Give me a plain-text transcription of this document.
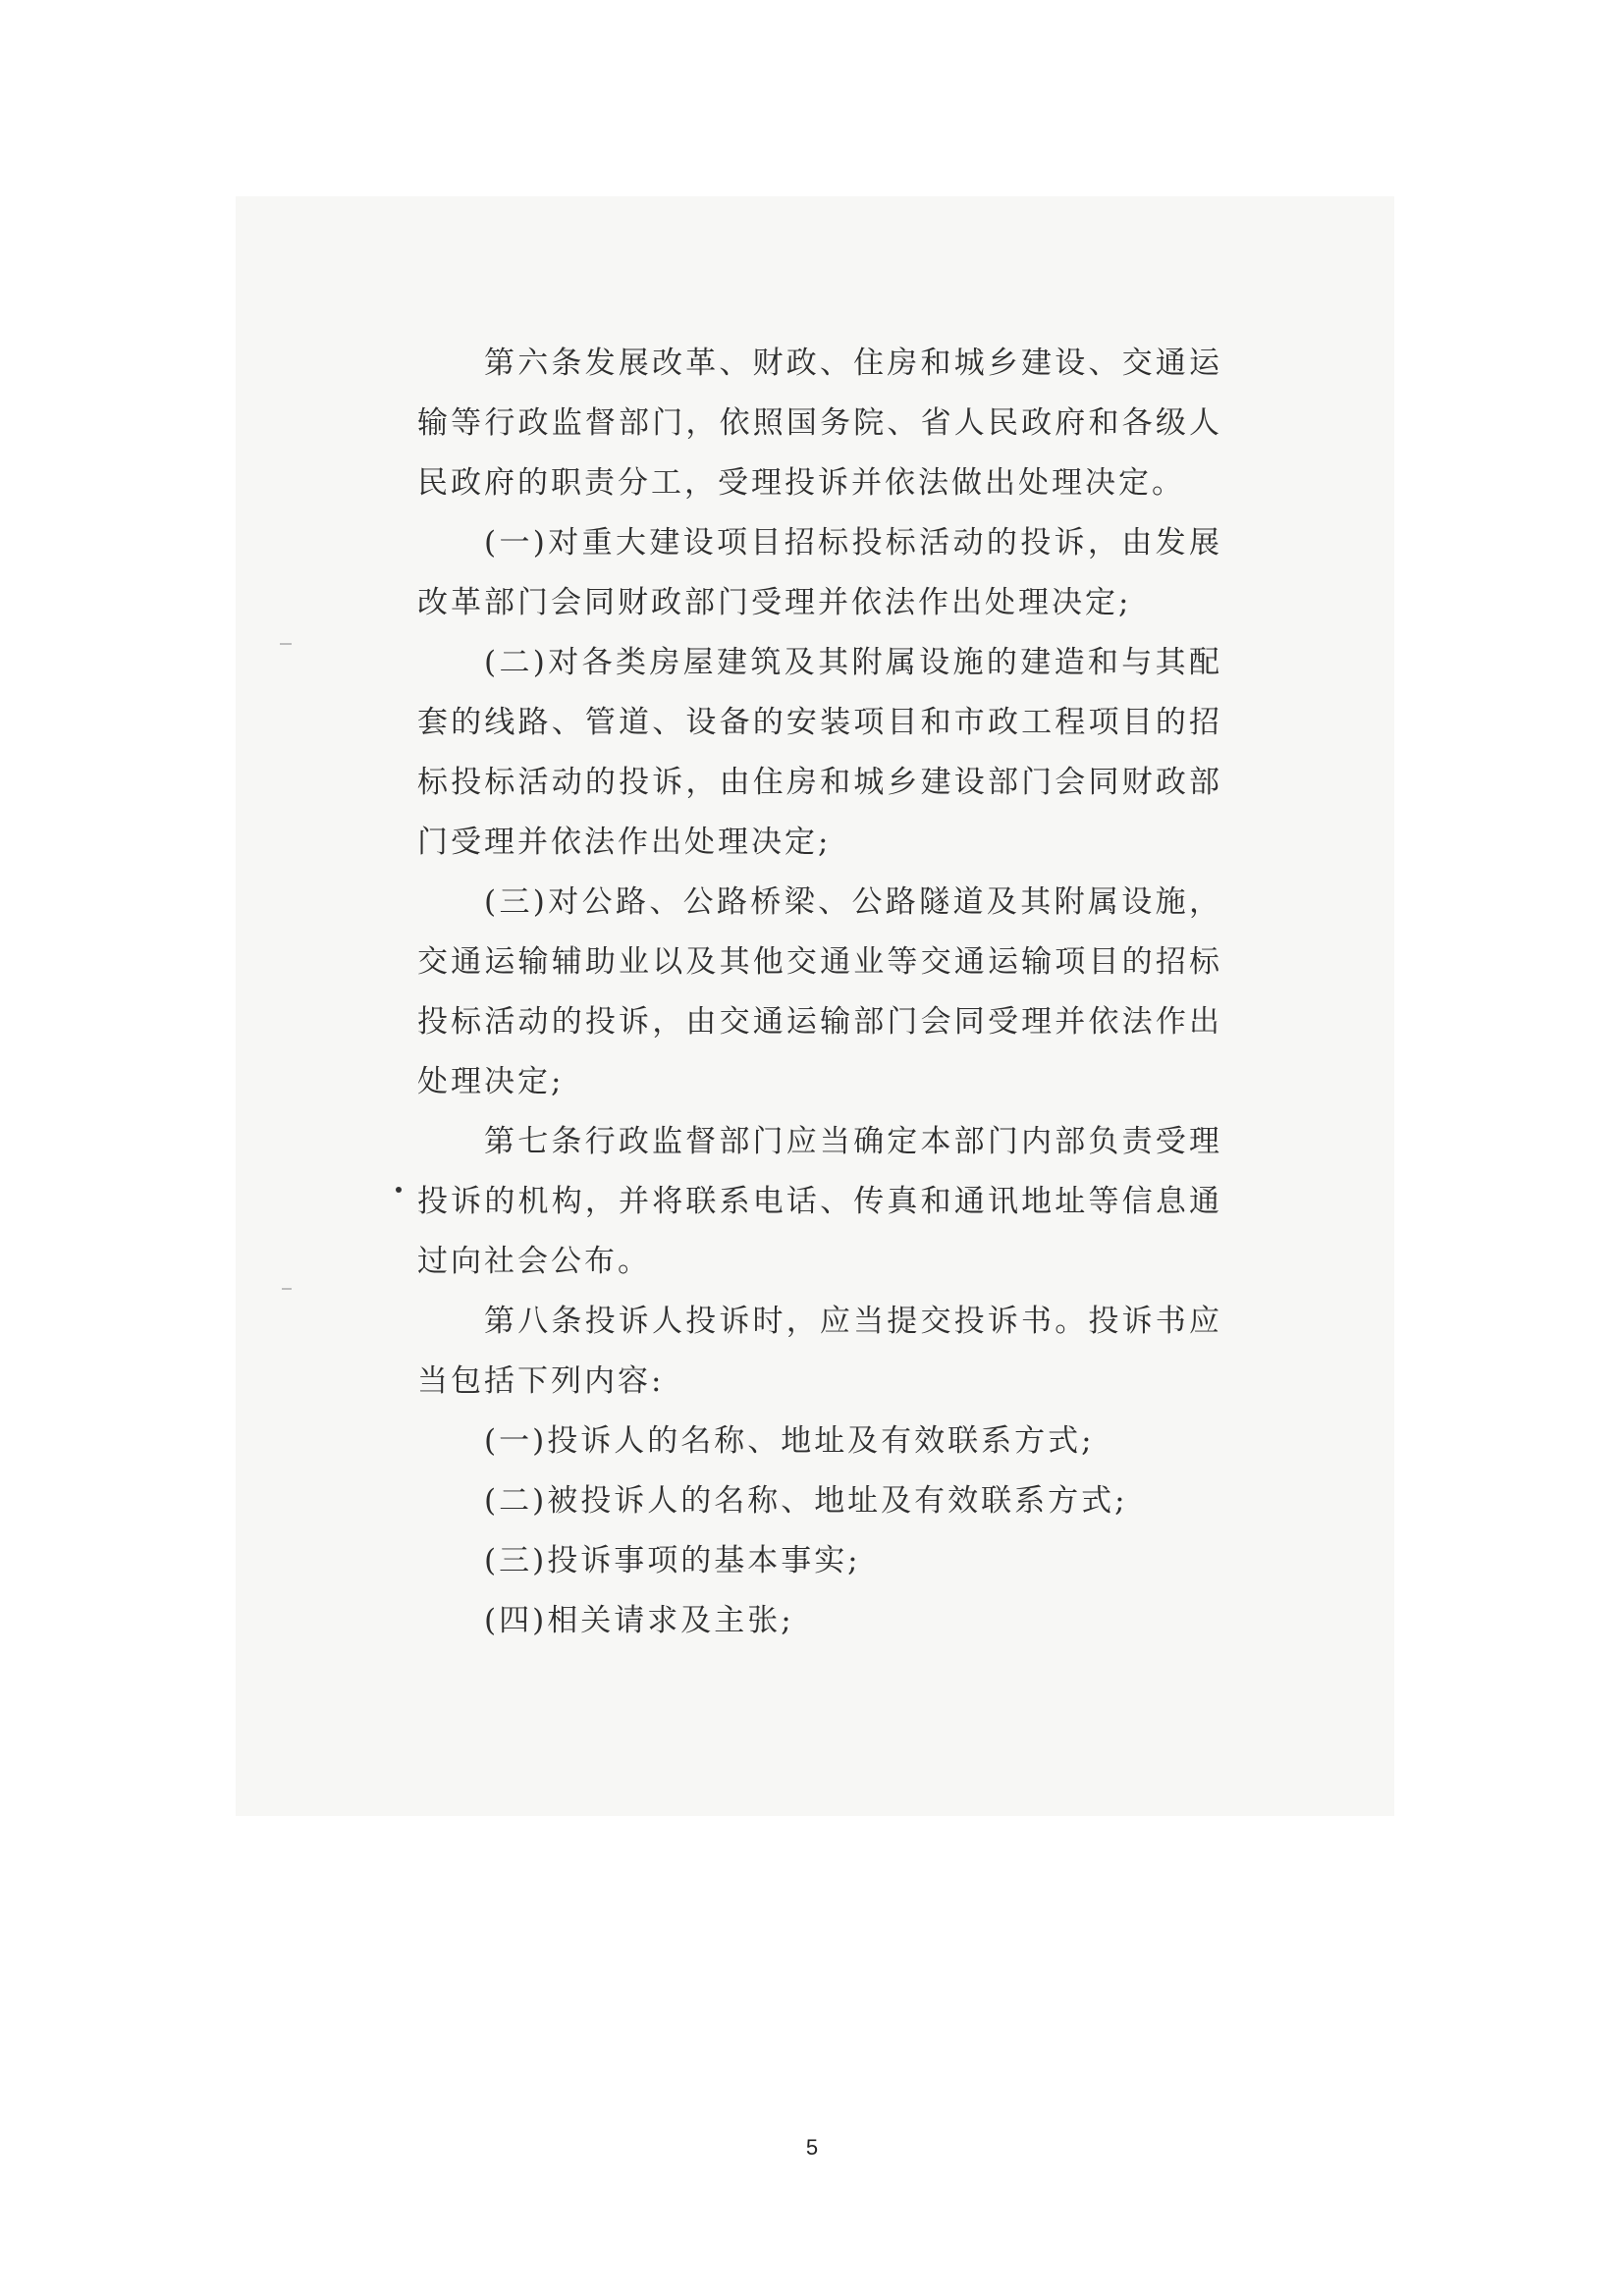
第六条发展改革、财政、住房和城乡建设、交通运输等行政监督部门，依照国务院、省人民政府和各级人民政府的职责分工，受理投诉并依法做出处理决定。

(一)对重大建设项目招标投标活动的投诉，由发展改革部门会同财政部门受理并依法作出处理决定;

(二)对各类房屋建筑及其附属设施的建造和与其配套的线路、管道、设备的安装项目和市政工程项目的招标投标活动的投诉，由住房和城乡建设部门会同财政部门受理并依法作出处理决定;

(三)对公路、公路桥梁、公路隧道及其附属设施，交通运输辅助业以及其他交通业等交通运输项目的招标投标活动的投诉，由交通运输部门会同受理并依法作出处理决定;

第七条行政监督部门应当确定本部门内部负责受理投诉的机构，并将联系电话、传真和通讯地址等信息通过向社会公布。

第八条投诉人投诉时，应当提交投诉书。投诉书应当包括下列内容:

(一)投诉人的名称、地址及有效联系方式;

(二)被投诉人的名称、地址及有效联系方式;

(三)投诉事项的基本事实;

(四)相关请求及主张;

5
